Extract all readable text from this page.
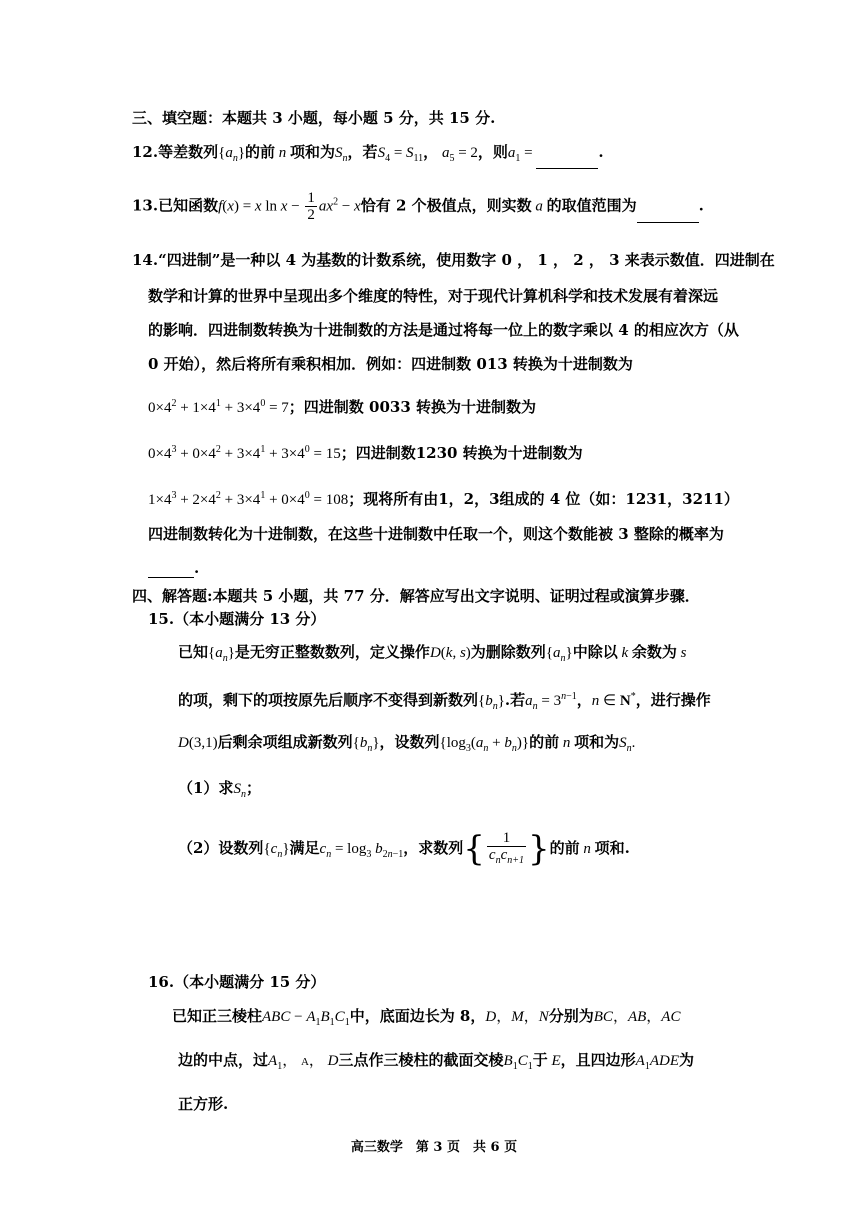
三、填空题：本题共 3 小题，每小题 5 分，共 15 分.
12.等差数列$\{a_n\}$的前 n 项和为$S_n$，若$S_4 = S_{11}$， $a_5 = 2$，则$a_1$ =	.
13.已知函数f(x) = x $\ln x - \frac{1}{2} ax^2 - x$恰有 2 个极值点，则实数 a 的取值范围为	.
14.“四进制”是一种以 4 为基数的计数系统，使用数字 0 ， 1 ， 2 ， 3 来表示数值．四进制在
数学和计算的世界中呈现出多个维度的特性，对于现代计算机科学和技术发展有着深远
的影响．四进制数转换为十进制数的方法是通过将每一位上的数字乘以 4 的相应次方（从
0 开始），然后将所有乘积相加．例如：四进制数 013 转换为十进制数为
$0\times 4^2 + 1\times 4^1 + 3\times 4^0 = 7$；四进制数 0033 转换为十进制数为
$0\times 4^3 + 0\times 4^2 + 3\times 4^1 + 3\times 4^0 = 15$；四进制数1230 转换为十进制数为
$1\times 4^3 + 2\times 4^2 + 3\times 4^1 + 0\times 4^0 = 108$；现将所有由1，2，3组成的 4 位（如：1231，3211）
四进制数转化为十进制数，在这些十进制数中任取一个，则这个数能被 3 整除的概率为
.
四、解答题:本题共 5 小题，共 77 分．解答应写出文字说明、证明过程或演算步骤．
15.（本小题满分 13 分）
已知$\{a_n\}$是无穷正整数数列，定义操作D(k, s)为删除数列$\{a_n\}$中除以 k 余数为 s
的项，剩下的项按原先后顺序不变得到新数列$\{b_n\}$.若$a_n = 3^{n-1}$，n ∈ N*，进行操作
D(3,1)后剩余项组成新数列$\{b_n\}$，设数列$\{\log_3(a_n + b_n)\}$的前 n 项和为$S_n$.
（1）求$S_n$；
（2）设数列$\{c_n\}$满足$c_n = \log_3 b_{2n-1}$，求数列{ $\frac{1}{c_nc_{n+1}}$ }的前 n 项和.
16.（本小题满分 15 分）
已知正三棱柱ABC − $A_1B_1C_1$中，底面边长为 8，D，M，N分别为BC，AB，AC
边的中点，过$A_1$， A， D三点作三棱柱的截面交棱$B_1C_1$于 E，且四边形$A_1ADE$为
正方形.
高三数学　第 3 页　共 6 页
